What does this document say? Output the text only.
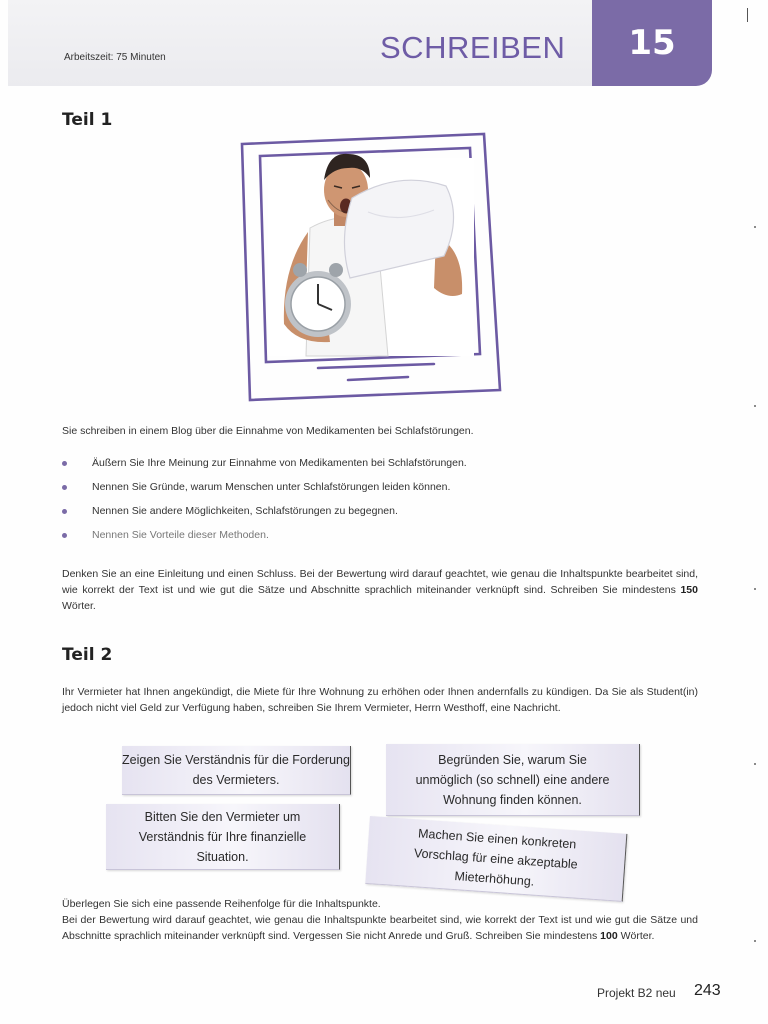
Arbeitszeit: 75 Minuten	SCHREIBEN	15
Teil 1
Sie schreiben in einem Blog über die Einnahme von Medikamenten bei Schlafstörungen.
Äußern Sie Ihre Meinung zur Einnahme von Medikamenten bei Schlafstörungen.
Nennen Sie Gründe, warum Menschen unter Schlafstörungen leiden können.
Nennen Sie andere Möglichkeiten, Schlafstörungen zu begegnen.
Nennen Sie Vorteile dieser Methoden.
Denken Sie an eine Einleitung und einen Schluss. Bei der Bewertung wird darauf geachtet, wie genau die Inhaltspunkte bearbeitet sind, wie korrekt der Text ist und wie gut die Sätze und Abschnitte sprachlich miteinander verknüpft sind. Schreiben Sie mindestens 150 Wörter.
Teil 2
Ihr Vermieter hat Ihnen angekündigt, die Miete für Ihre Wohnung zu erhöhen oder Ihnen andernfalls zu kündigen. Da Sie als Student(in) jedoch nicht viel Geld zur Verfügung haben, schreiben Sie Ihrem Vermieter, Herrn Westhoff, eine Nachricht.
Zeigen Sie Verständnis für die Forderung des Vermieters.
Begründen Sie, warum Sie unmöglich (so schnell) eine andere Wohnung finden können.
Bitten Sie den Vermieter um Verständnis für Ihre finanzielle Situation.
Machen Sie einen konkreten Vorschlag für eine akzeptable Mieterhöhung.
Überlegen Sie sich eine passende Reihenfolge für die Inhaltspunkte.
Bei der Bewertung wird darauf geachtet, wie genau die Inhaltspunkte bearbeitet sind, wie korrekt der Text ist und wie gut die Sätze und Abschnitte sprachlich miteinander verknüpft sind. Vergessen Sie nicht Anrede und Gruß. Schreiben Sie mindestens 100 Wörter.
Projekt B2 neu 243
